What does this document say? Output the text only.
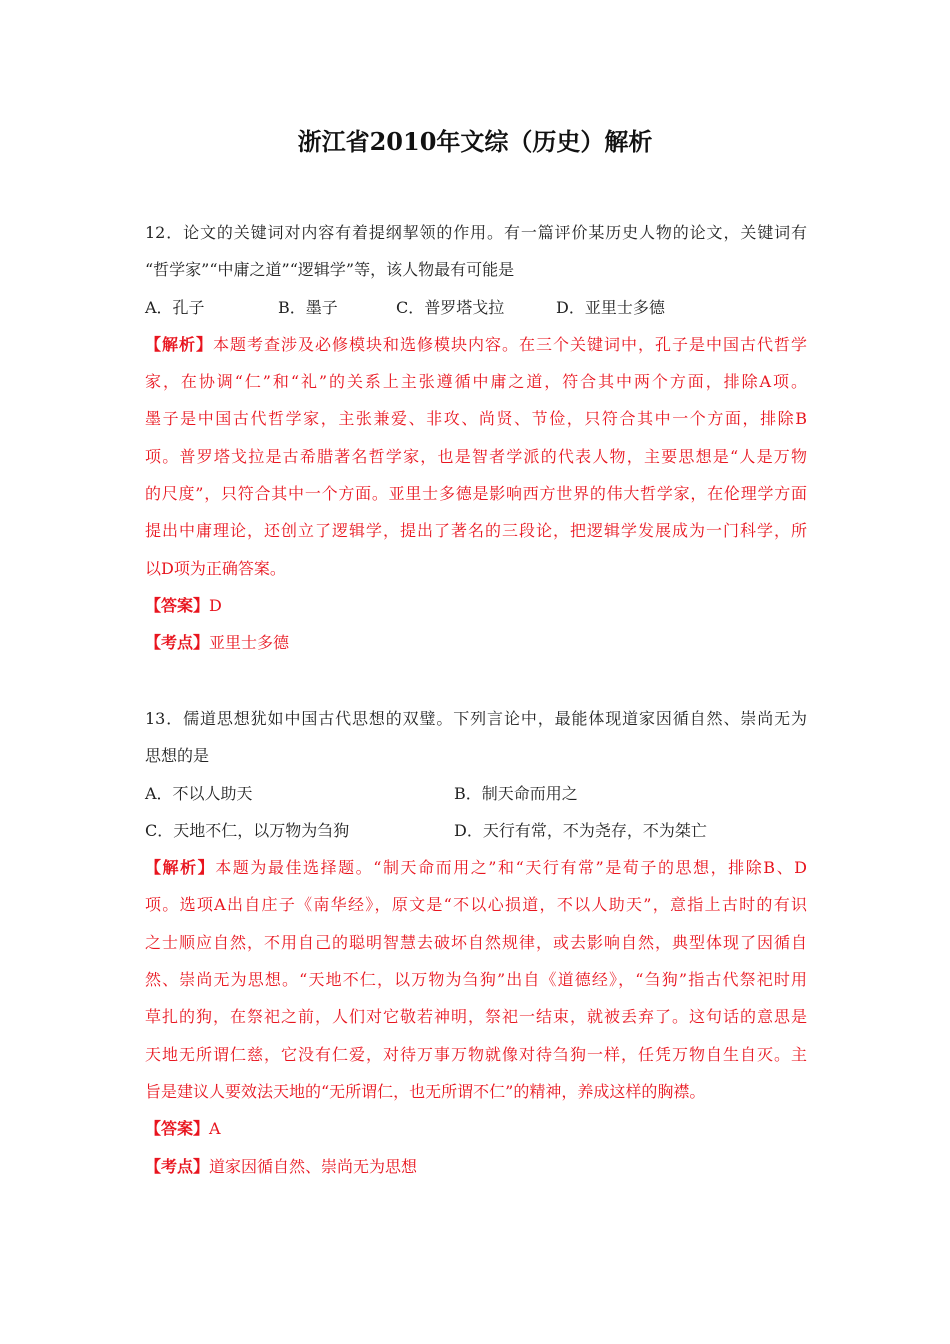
浙江省2010年文综（历史）解析
12．论文的关键词对内容有着提纲挈领的作用。有一篇评价某历史人物的论文，关键词有
“哲学家”“中庸之道”“逻辑学”等，该人物最有可能是
A．孔子	B．墨子	C．普罗塔戈拉	D．亚里士多德
【解析】本题考查涉及必修模块和选修模块内容。在三个关键词中，孔子是中国古代哲学
家，在协调“仁”和“礼”的关系上主张遵循中庸之道，符合其中两个方面，排除A项。
墨子是中国古代哲学家，主张兼爱、非攻、尚贤、节俭，只符合其中一个方面，排除B
项。普罗塔戈拉是古希腊著名哲学家，也是智者学派的代表人物，主要思想是“人是万物
的尺度”，只符合其中一个方面。亚里士多德是影响西方世界的伟大哲学家，在伦理学方面
提出中庸理论，还创立了逻辑学，提出了著名的三段论，把逻辑学发展成为一门科学，所
以D项为正确答案。
【答案】D
【考点】亚里士多德
13．儒道思想犹如中国古代思想的双璧。下列言论中，最能体现道家因循自然、崇尚无为
思想的是
A．不以人助天	B．制天命而用之
C．天地不仁，以万物为刍狗	D．天行有常，不为尧存，不为桀亡
【解析】本题为最佳选择题。“制天命而用之”和“天行有常”是荀子的思想，排除B、D
项。选项A出自庄子《南华经》，原文是“不以心损道，不以人助天”，意指上古时的有识
之士顺应自然，不用自己的聪明智慧去破坏自然规律，或去影响自然，典型体现了因循自
然、崇尚无为思想。“天地不仁，以万物为刍狗”出自《道德经》，“刍狗”指古代祭祀时用
草扎的狗，在祭祀之前，人们对它敬若神明，祭祀一结束，就被丢弃了。这句话的意思是
天地无所谓仁慈，它没有仁爱，对待万事万物就像对待刍狗一样，任凭万物自生自灭。主
旨是建议人要效法天地的“无所谓仁，也无所谓不仁”的精神，养成这样的胸襟。
【答案】A
【考点】道家因循自然、崇尚无为思想
